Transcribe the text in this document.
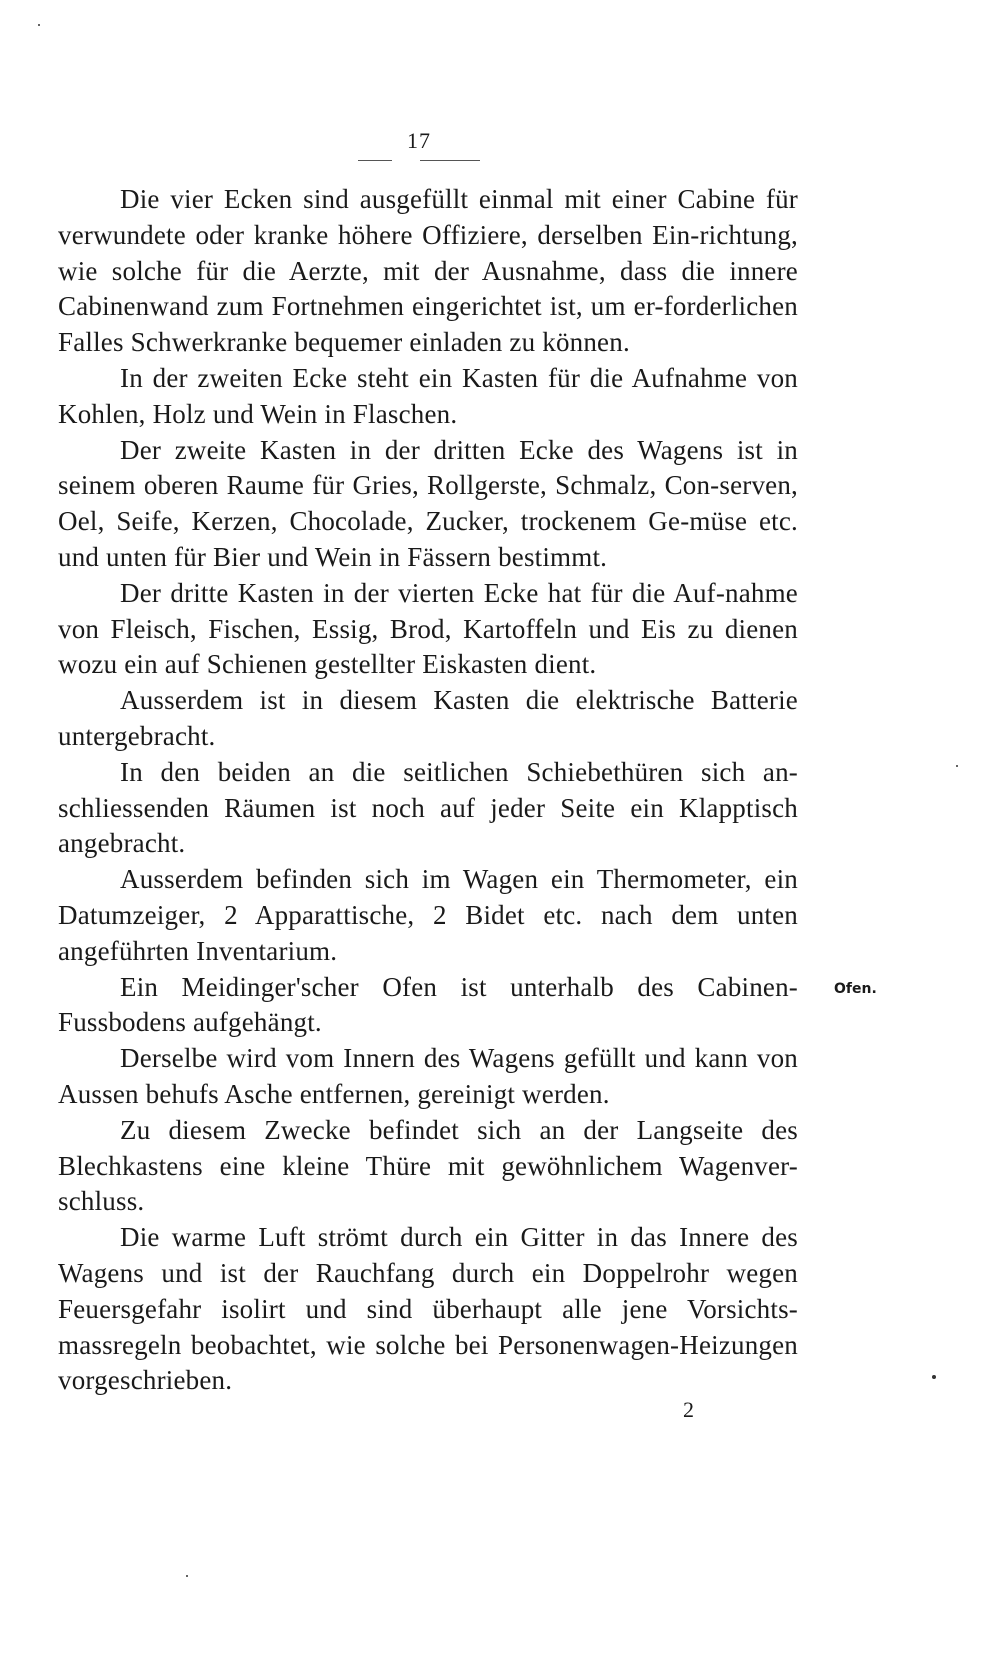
17

Die vier Ecken sind ausgefüllt einmal mit einer Cabine für verwundete oder kranke höhere Offiziere, derselben Ein-richtung, wie solche für die Aerzte, mit der Ausnahme, dass die innere Cabinenwand zum Fortnehmen eingerichtet ist, um er-forderlichen Falles Schwerkranke bequemer einladen zu können.

In der zweiten Ecke steht ein Kasten für die Aufnahme von Kohlen, Holz und Wein in Flaschen.

Der zweite Kasten in der dritten Ecke des Wagens ist in seinem oberen Raume für Gries, Rollgerste, Schmalz, Con-serven, Oel, Seife, Kerzen, Chocolade, Zucker, trockenem Ge-müse etc. und unten für Bier und Wein in Fässern bestimmt.

Der dritte Kasten in der vierten Ecke hat für die Auf-nahme von Fleisch, Fischen, Essig, Brod, Kartoffeln und Eis zu dienen wozu ein auf Schienen gestellter Eiskasten dient.

Ausserdem ist in diesem Kasten die elektrische Batterie untergebracht.

In den beiden an die seitlichen Schiebethüren sich an-schliessenden Räumen ist noch auf jeder Seite ein Klapptisch angebracht.

Ausserdem befinden sich im Wagen ein Thermometer, ein Datumzeiger, 2 Apparattische, 2 Bidet etc. nach dem unten angeführten Inventarium.

Ein Meidinger'scher Ofen ist unterhalb des Cabinen-Fussbodens aufgehängt.

Derselbe wird vom Innern des Wagens gefüllt und kann von Aussen behufs Asche entfernen, gereinigt werden.

Zu diesem Zwecke befindet sich an der Langseite des Blechkastens eine kleine Thüre mit gewöhnlichem Wagenver-schluss.

Die warme Luft strömt durch ein Gitter in das Innere des Wagens und ist der Rauchfang durch ein Doppelrohr wegen Feuersgefahr isolirt und sind überhaupt alle jene Vorsichts-massregeln beobachtet, wie solche bei Personenwagen-Heizungen vorgeschrieben.

Ofen.
2
